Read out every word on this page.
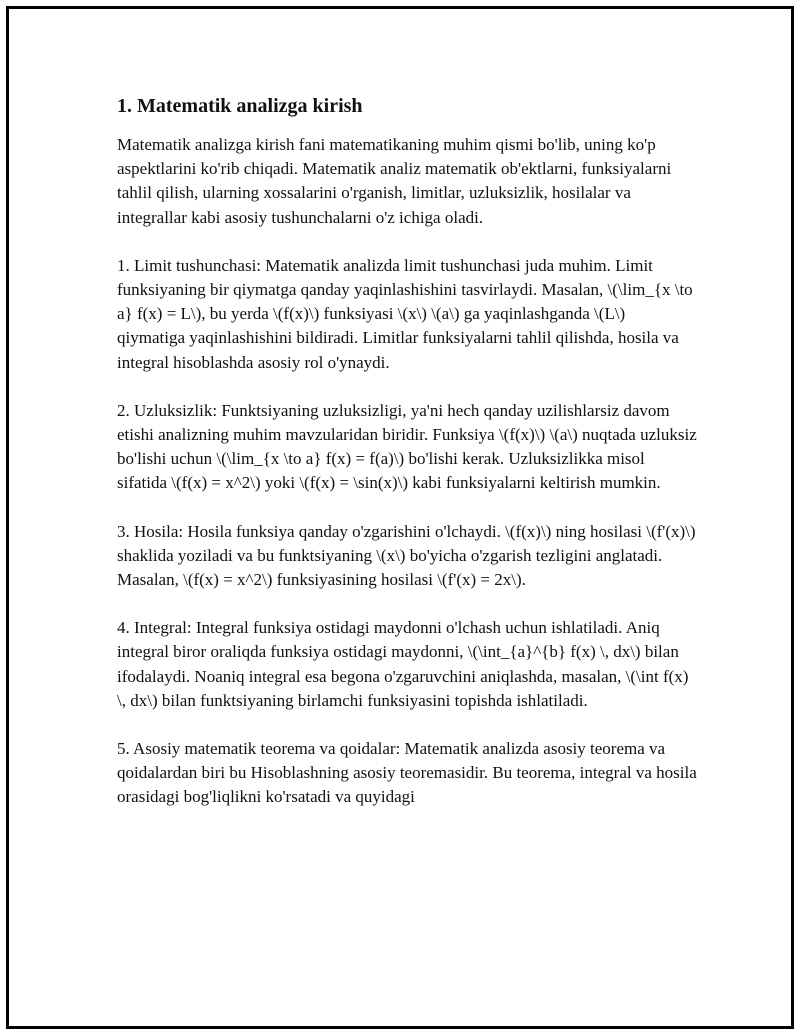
1. Matematik analizga kirish

Matematik analizga kirish fani matematikaning muhim qismi bo'lib, uning ko'p aspektlarini ko'rib chiqadi. Matematik analiz matematik ob'ektlarni, funksiyalarni tahlil qilish, ularning xossalarini o'rganish, limitlar, uzluksizlik, hosilalar va integrallar kabi asosiy tushunchalarni o'z ichiga oladi.

1. Limit tushunchasi: Matematik analizda limit tushunchasi juda muhim. Limit funksiyaning bir qiymatga qanday yaqinlashishini tasvirlaydi. Masalan, \(\lim_{x \to a} f(x) = L\), bu yerda \(f(x)\) funksiyasi \(x\) \(a\) ga yaqinlashganda \(L\) qiymatiga yaqinlashishini bildiradi. Limitlar funksiyalarni tahlil qilishda, hosila va integral hisoblashda asosiy rol o'ynaydi.

2. Uzluksizlik: Funktsiyaning uzluksizligi, ya'ni hech qanday uzilishlarsiz davom etishi analizning muhim mavzularidan biridir. Funksiya \(f(x)\) \(a\) nuqtada uzluksiz bo'lishi uchun \(\lim_{x \to a} f(x) = f(a)\) bo'lishi kerak. Uzluksizlikka misol sifatida \(f(x) = x^2\) yoki \(f(x) = \sin(x)\) kabi funksiyalarni keltirish mumkin.

3. Hosila: Hosila funksiya qanday o'zgarishini o'lchaydi. \(f(x)\) ning hosilasi \(f'(x)\) shaklida yoziladi va bu funktsiyaning \(x\) bo'yicha o'zgarish tezligini anglatadi. Masalan, \(f(x) = x^2\) funksiyasining hosilasi \(f'(x) = 2x\).

4. Integral: Integral funksiya ostidagi maydonni o'lchash uchun ishlatiladi. Aniq integral biror oraliqda funksiya ostidagi maydonni, \(\int_{a}^{b} f(x) \, dx\) bilan ifodalaydi. Noaniq integral esa begona o'zgaruvchini aniqlashda, masalan, \(\int f(x) \, dx\) bilan funktsiyaning birlamchi funksiyasini topishda ishlatiladi.

5. Asosiy matematik teorema va qoidalar: Matematik analizda asosiy teorema va qoidalardan biri bu Hisoblashning asosiy teoremasidir. Bu teorema, integral va hosila orasidagi bog'liqlikni ko'rsatadi va quyidagi
